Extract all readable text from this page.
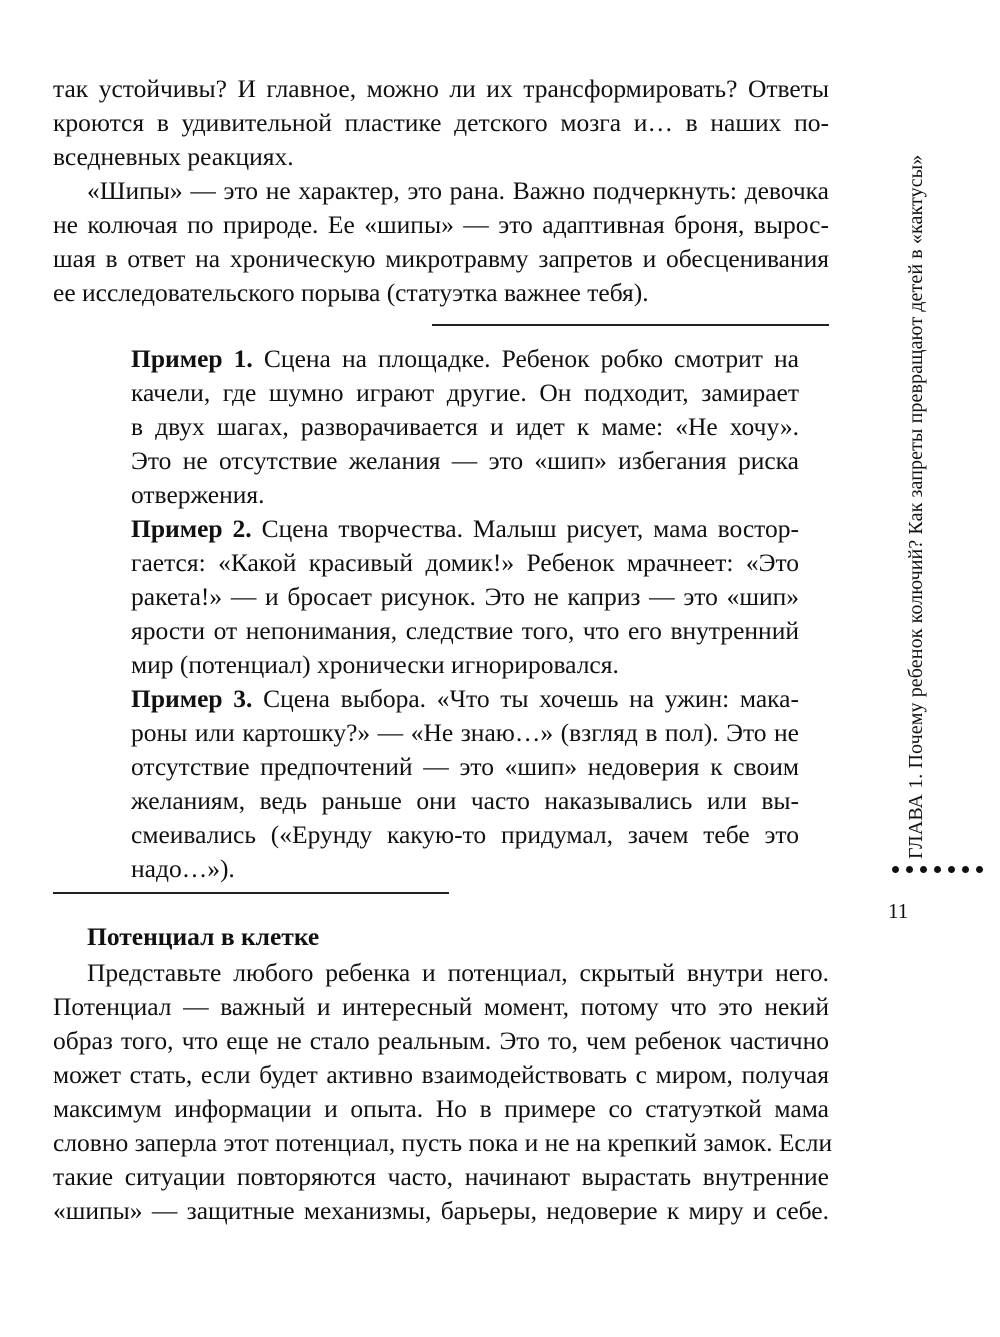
так устойчивы? И главное, можно ли их трансформировать? Ответы

кроются в удивительной пластике детского мозга и… в наших по-

вседневных реакциях.

«Шипы» — это не характер, это рана. Важно подчеркнуть: девочка

не колючая по природе. Ее «шипы» — это адаптивная броня, вырос-

шая в ответ на хроническую микротравму запретов и обесценивания

ее исследовательского порыва (статуэтка важнее тебя).

Пример 1. Сцена на площадке. Ребенок робко смотрит на

качели, где шумно играют другие. Он подходит, замирает

в двух шагах, разворачивается и идет к маме: «Не хочу».

Это не отсутствие желания — это «шип» избегания риска

отвержения.

Пример 2. Сцена творчества. Малыш рисует, мама востор-

гается: «Какой красивый домик!» Ребенок мрачнеет: «Это

ракета!» — и бросает рисунок. Это не каприз — это «шип»

ярости от непонимания, следствие того, что его внутренний

мир (потенциал) хронически игнорировался.

Пример 3. Сцена выбора. «Что ты хочешь на ужин: мака-

роны или картошку?» — «Не знаю…» (взгляд в пол). Это не

отсутствие предпочтений — это «шип» недоверия к своим

желаниям, ведь раньше они часто наказывались или вы-

смеивались («Ерунду какую-то придумал, зачем тебе это

надо…»).

Потенциал в клетке

Представьте любого ребенка и потенциал, скрытый внутри него.

Потенциал — важный и интересный момент, потому что это некий

образ того, что еще не стало реальным. Это то, чем ребенок частично

может стать, если будет активно взаимодействовать с миром, получая

максимум информации и опыта. Но в примере со статуэткой мама

словно заперла этот потенциал, пусть пока и не на крепкий замок. Если

такие ситуации повторяются часто, начинают вырастать внутренние

«шипы» — защитные механизмы, барьеры, недоверие к миру и себе.

ГЛАВА 1. Почему ребенок колючий? Как запреты превращают детей в «кактусы»
11
